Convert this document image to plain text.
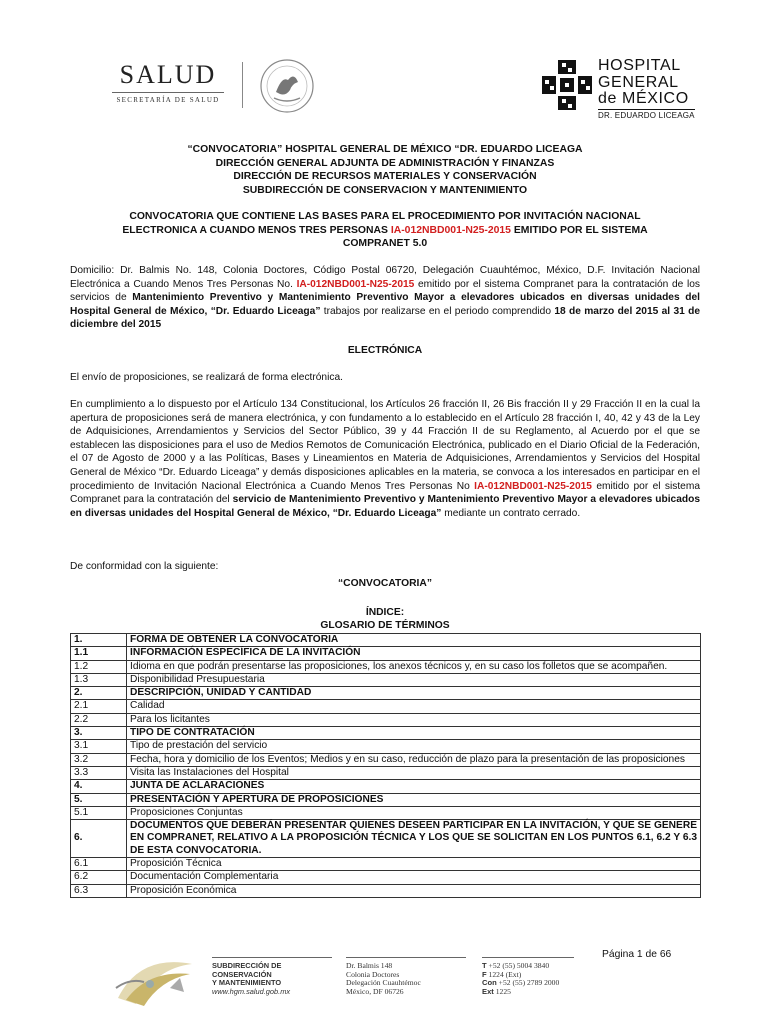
SALUD
SECRETARÍA DE SALUD
HOSPITAL
GENERAL
de MÉXICO
DR. EDUARDO LICEAGA
“CONVOCATORIA” HOSPITAL GENERAL DE MÉXICO “DR. EDUARDO LICEAGA
DIRECCIÓN GENERAL ADJUNTA DE ADMINISTRACIÓN Y FINANZAS
DIRECCIÓN DE RECURSOS MATERIALES Y CONSERVACIÓN
SUBDIRECCIÓN DE CONSERVACION Y MANTENIMIENTO
CONVOCATORIA QUE CONTIENE LAS BASES PARA EL PROCEDIMIENTO POR INVITACIÓN NACIONAL
ELECTRONICA A CUANDO MENOS TRES PERSONAS IA-012NBD001-N25-2015 EMITIDO POR EL SISTEMA
COMPRANET 5.0
Domicilio: Dr. Balmis No. 148, Colonia Doctores, Código Postal 06720, Delegación Cuauhtémoc, México, D.F. Invitación Nacional Electrónica a Cuando Menos Tres Personas No. IA-012NBD001-N25-2015 emitido por el sistema Compranet para la contratación de los servicios de Mantenimiento Preventivo y Mantenimiento Preventivo Mayor a elevadores ubicados en diversas unidades del Hospital General de México, “Dr. Eduardo Liceaga” trabajos por realizarse en el periodo comprendido 18 de marzo del 2015 al 31 de diciembre del 2015
ELECTRÓNICA
El envío de proposiciones, se realizará de forma electrónica.
En cumplimiento a lo dispuesto por el Artículo 134 Constitucional, los Artículos 26 fracción II, 26 Bis fracción II y 29 Fracción II en la cual la apertura de proposiciones será de manera electrónica, y con fundamento a lo establecido en el Artículo 28 fracción I, 40, 42 y 43 de la Ley de Adquisiciones, Arrendamientos y Servicios del Sector Público, 39 y 44 Fracción II de su Reglamento, al Acuerdo por el que se establecen las disposiciones para el uso de Medios Remotos de Comunicación Electrónica, publicado en el Diario Oficial de la Federación, el 07 de Agosto de 2000 y a las Políticas, Bases y Lineamientos en Materia de Adquisiciones, Arrendamientos y Servicios del Hospital General de México “Dr. Eduardo Liceaga” y demás disposiciones aplicables en la materia, se convoca a los interesados en participar en el procedimiento de Invitación Nacional Electrónica a Cuando Menos Tres Personas No IA-012NBD001-N25-2015 emitido por el sistema Compranet para la contratación del servicio de Mantenimiento Preventivo y Mantenimiento Preventivo Mayor a elevadores ubicados en diversas unidades del Hospital General de México, “Dr. Eduardo Liceaga” mediante un contrato cerrado.
De conformidad con la siguiente:
“CONVOCATORIA”
ÍNDICE:
GLOSARIO DE TÉRMINOS
1.	FORMA DE OBTENER LA CONVOCATORIA
1.1	INFORMACIÓN ESPECÍFICA DE LA INVITACIÓN
1.2	Idioma en que podrán presentarse las proposiciones, los anexos técnicos y, en su caso los folletos que se acompañen.
1.3	Disponibilidad Presupuestaria
2.	DESCRIPCIÓN, UNIDAD Y CANTIDAD
2.1	Calidad
2.2	Para los licitantes
3.	TIPO DE CONTRATACIÓN
3.1	Tipo de prestación del servicio
3.2	Fecha, hora y domicilio de los Eventos; Medios y en su caso, reducción de plazo para la presentación de las proposiciones
3.3	Visita las Instalaciones del Hospital
4.	JUNTA DE ACLARACIONES
5.	PRESENTACIÓN Y APERTURA DE PROPOSICIONES
5.1	Proposiciones Conjuntas
6.	DOCUMENTOS QUE DEBERÁN PRESENTAR QUIENES DESEEN PARTICIPAR EN LA INVITACIÓN, Y QUE SE GENERE EN COMPRANET, RELATIVO A LA PROPOSICIÓN TÉCNICA Y LOS QUE SE SOLICITAN EN LOS PUNTOS 6.1, 6.2 Y 6.3 DE ESTA CONVOCATORIA.
6.1	Proposición Técnica
6.2	Documentación Complementaria
6.3	Proposición Económica
Página 1 de 66
SUBDIRECCIÓN DE
CONSERVACIÓN
Y MANTENIMIENTO
www.hgm.salud.gob.mx
Dr. Balmis 148
Colonia Doctores
Delegación Cuauhtémoc
México, DF 06726
T +52 (55) 5004 3840
F 1224 (Ext)
Con +52 (55) 2789 2000
Ext 1225
